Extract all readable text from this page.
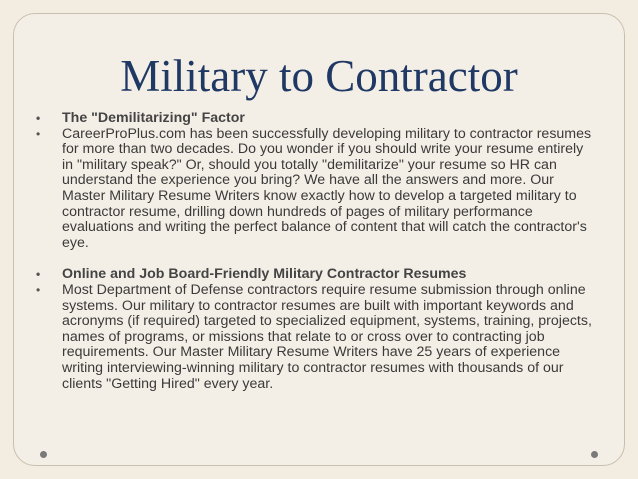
Military to Contractor
• The "Demilitarizing" Factor
• CareerProPlus.com has been successfully developing military to contractor resumes for more than two decades. Do you wonder if you should write your resume entirely in "military speak?" Or, should you totally "demilitarize" your resume so HR can understand the experience you bring? We have all the answers and more. Our Master Military Resume Writers know exactly how to develop a targeted military to contractor resume, drilling down hundreds of pages of military performance evaluations and writing the perfect balance of content that will catch the contractor's eye.
• Online and Job Board-Friendly Military Contractor Resumes
• Most Department of Defense contractors require resume submission through online systems. Our military to contractor resumes are built with important keywords and acronyms (if required) targeted to specialized equipment, systems, training, projects, names of programs, or missions that relate to or cross over to contracting job requirements. Our Master Military Resume Writers have 25 years of experience writing interviewing-winning military to contractor resumes with thousands of our clients "Getting Hired" every year.
